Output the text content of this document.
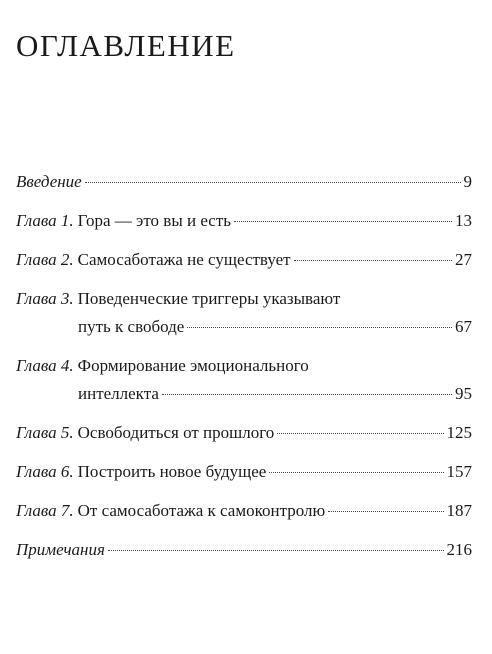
ОГЛАВЛЕНИЕ
Введение	9
Глава 1. Гора — это вы и есть	13
Глава 2. Самосаботажа не существует	27
Глава 3. Поведенческие триггеры указывают
путь к свободе	67
Глава 4. Формирование эмоционального
интеллекта	95
Глава 5. Освободиться от прошлого	125
Глава 6. Построить новое будущее	157
Глава 7. От самосаботажа к самоконтролю	187
Примечания	216
